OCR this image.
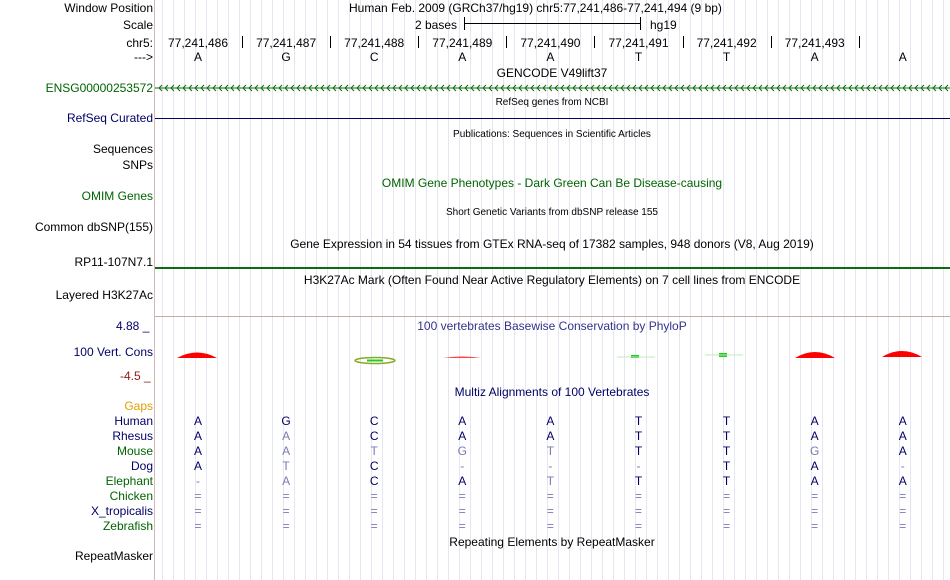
Window Position	Human Feb. 2009 (GRCh37/hg19) chr5:77,241,486-77,241,494 (9 bp)
Scale	2 bases	hg19
chr5: 77,241,486 77,241,487 77,241,488 77,241,489 77,241,490 77,241,491 77,241,492 77,241,493
--->	A	G	C	A	A	T	T	A	A
GENCODE V49lift37
ENSG00000253572
RefSeq genes from NCBI
RefSeq Curated
Publications: Sequences in Scientific Articles
Sequences
SNPs
OMIM Gene Phenotypes - Dark Green Can Be Disease-causing
OMIM Genes
Short Genetic Variants from dbSNP release 155
Common dbSNP(155)
Gene Expression in 54 tissues from GTEx RNA-seq of 17382 samples, 948 donors (V8, Aug 2019)
RP11-107N7.1
H3K27Ac Mark (Often Found Near Active Regulatory Elements) on 7 cell lines from ENCODE
Layered H3K27Ac
100 vertebrates Basewise Conservation by PhyloP
4.88 _
100 Vert. Cons
-4.5 _
Multiz Alignments of 100 Vertebrates
Gaps
Human	A	G	C	A	A	T	T	A	A
Rhesus	A	A	C	A	A	T	T	A	A
Mouse	A	A	T	G	T	T	T	G	A
Dog	A	T	C	-	-	-	T	A	-
Elephant	-	A	C	A	T	T	T	A	A
Chicken	=	=	=	=	=	=	=	=	=
X_tropicalis	=	=	=	=	=	=	=	=	=
Zebrafish	=	=	=	=	=	=	=	=	=
Repeating Elements by RepeatMasker
RepeatMasker
